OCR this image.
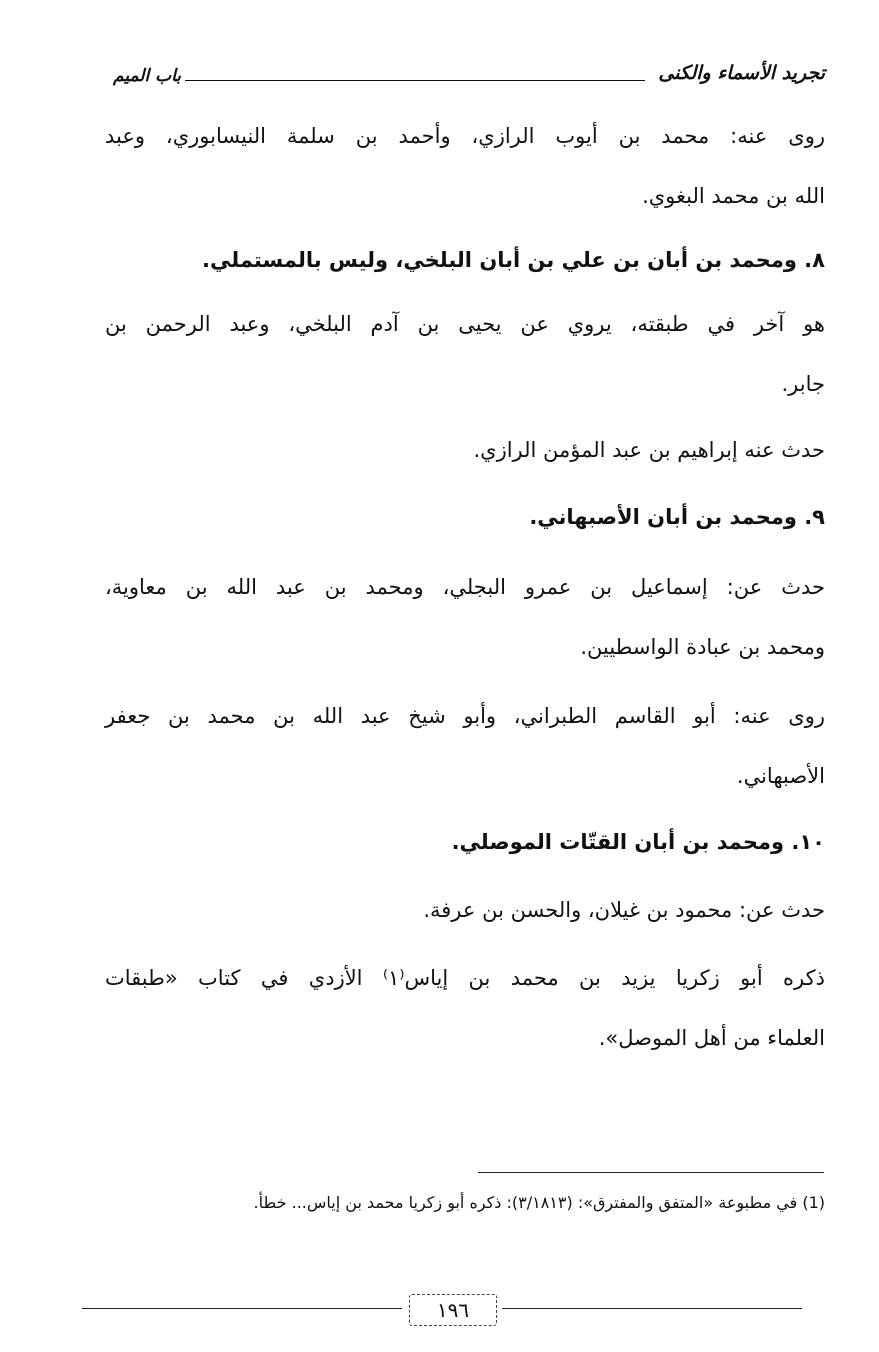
باب الميم	تجريد الأسماء والكنى
روى عنه: محمد بن أيوب الرازي، وأحمد بن سلمة النيسابوري، وعبد
الله بن محمد البغوي.
٨. ومحمد بن أبان بن علي بن أبان البلخي، وليس بالمستملي.
هو آخر في طبقته، يروي عن يحيى بن آدم البلخي، وعبد الرحمن بن
جابر.
حدث عنه إبراهيم بن عبد المؤمن الرازي.
٩. ومحمد بن أبان الأصبهاني.
حدث عن: إسماعيل بن عمرو البجلي، ومحمد بن عبد الله بن معاوية،
ومحمد بن عبادة الواسطيين.
روى عنه: أبو القاسم الطبراني، وأبو شيخ عبد الله بن محمد بن جعفر
الأصبهاني.
١٠. ومحمد بن أبان القتّات الموصلي.
حدث عن: محمود بن غيلان، والحسن بن عرفة.
ذكره أبو زكريا يزيد بن محمد بن إياس⁽١⁾ الأزدي في كتاب «طبقات
العلماء من أهل الموصل».
(1) في مطبوعة «المتفق والمفترق»: (٣/١٨١٣): ذكره أبو زكريا محمد بن إياس... خطأ.
١٩٦
